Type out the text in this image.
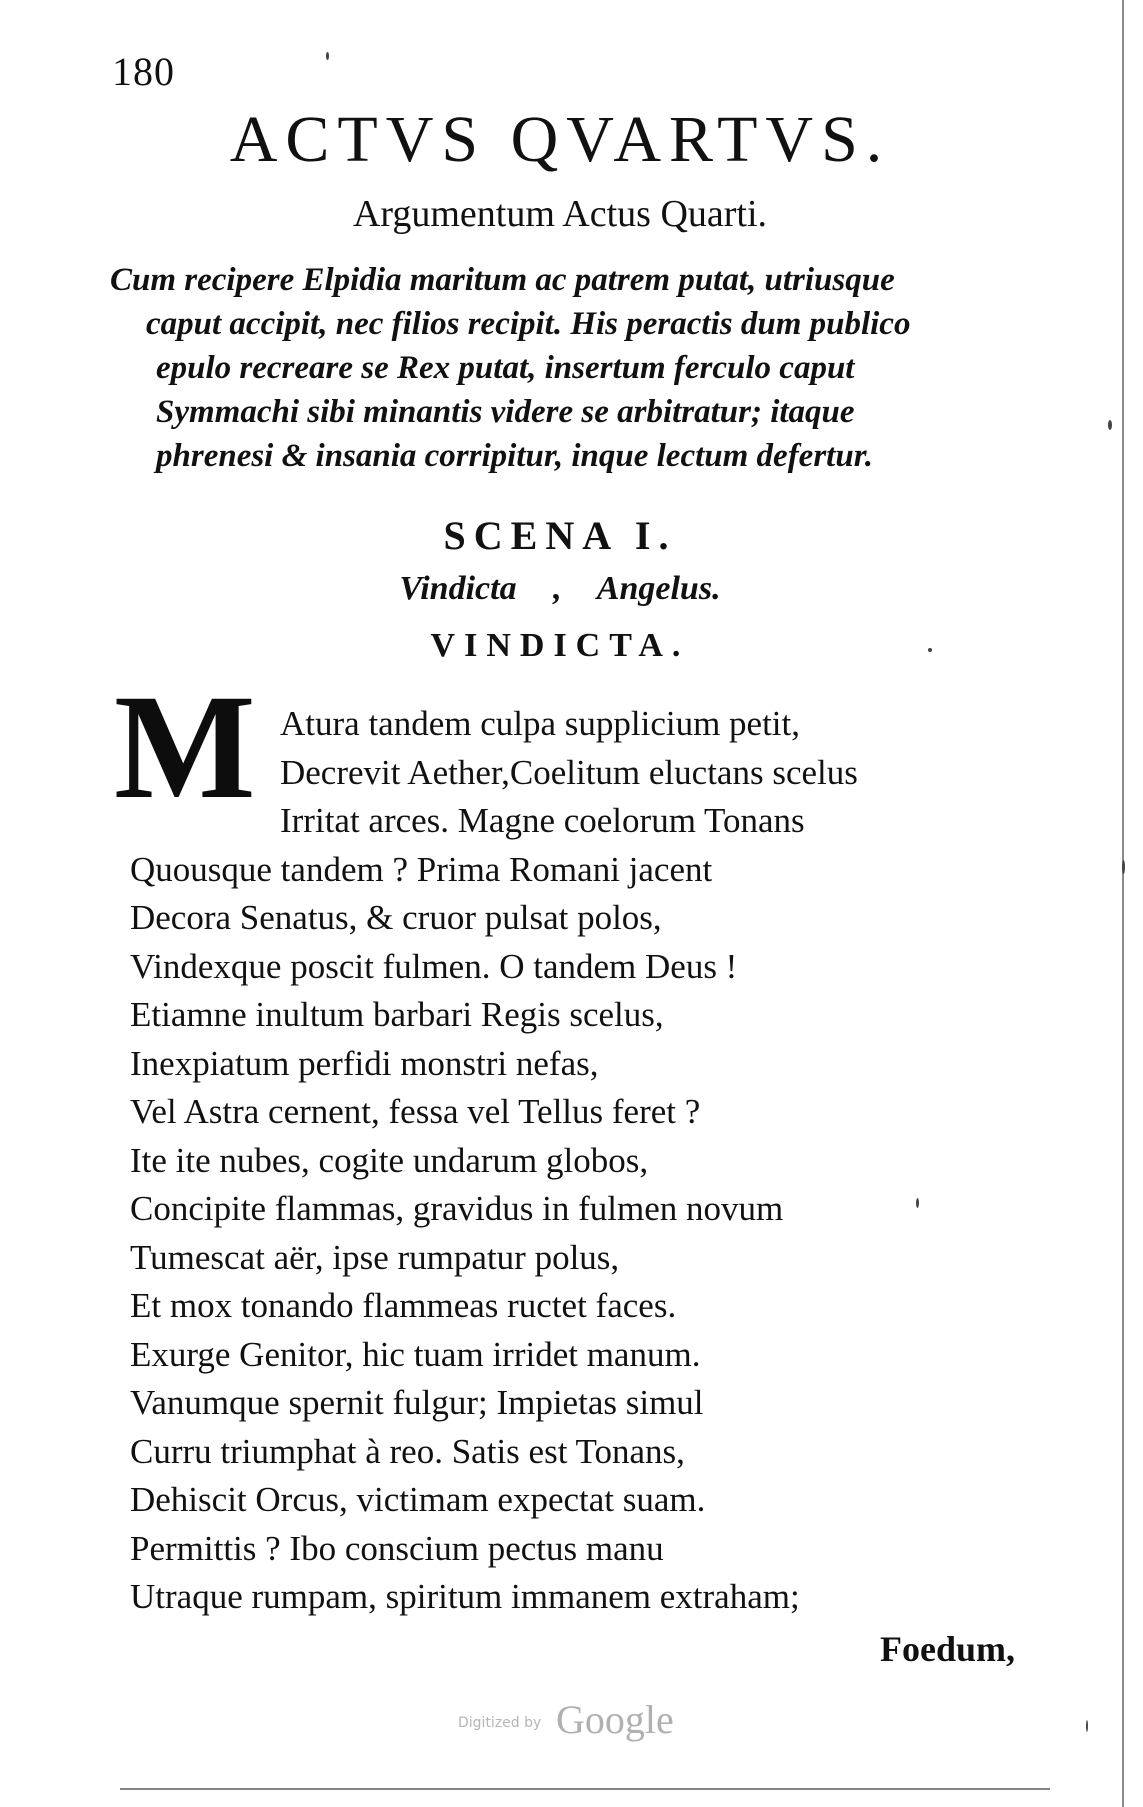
180
ACTVS QVARTVS.
Argumentum Actus Quarti.
Cum recipere Elpidia maritum ac patrem putat, utriusque
caput accipit, nec filios recipit. His peractis dum publico
epulo recreare se Rex putat, insertum ferculo caput
Symmachi sibi minantis videre se arbitratur; itaque
phrenesi & insania corripitur, inque lectum defertur.
SCENA I.
Vindicta , Angelus.
VINDICTA.
M Atura tandem culpa supplicium petit,
Decrevit Aether,Coelitum eluctans scelus
Irritat arces. Magne coelorum Tonans
Quousque tandem ? Prima Romani jacent
Decora Senatus, & cruor pulsat polos,
Vindexque poscit fulmen. O tandem Deus !
Etiamne inultum barbari Regis scelus,
Inexpiatum perfidi monstri nefas,
Vel Astra cernent, fessa vel Tellus feret ?
Ite ite nubes, cogite undarum globos,
Concipite flammas, gravidus in fulmen novum
Tumescat aër, ipse rumpatur polus,
Et mox tonando flammeas ructet faces.
Exurge Genitor, hic tuam irridet manum.
Vanumque spernit fulgur; Impietas simul
Curru triumphat à reo. Satis est Tonans,
Dehiscit Orcus, victimam expectat suam.
Permittis ? Ibo conscium pectus manu
Utraque rumpam, spiritum immanem extraham;
Foedum,
Digitized by Google
